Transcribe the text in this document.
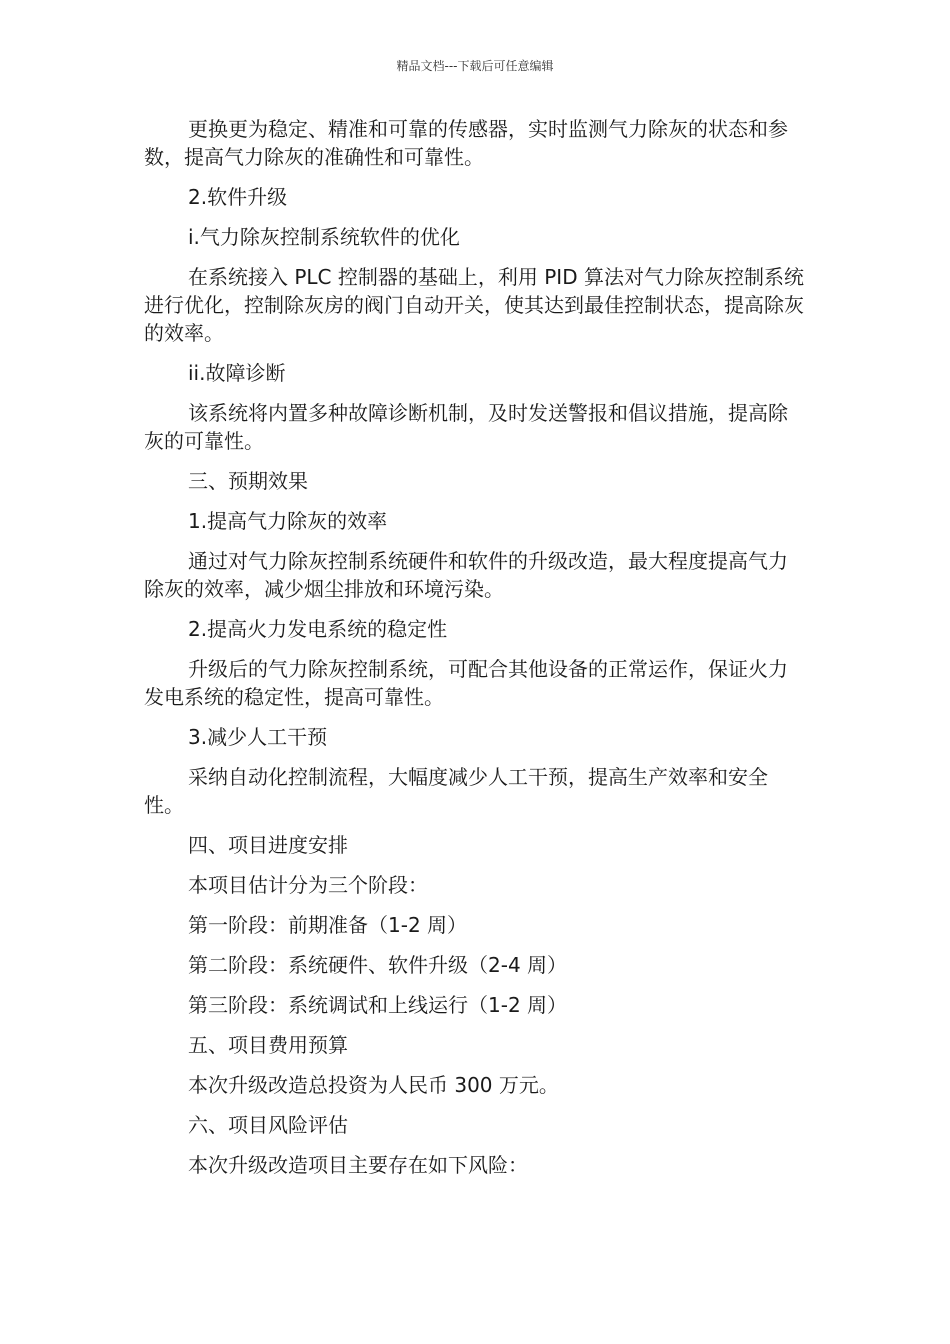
精品文档---下载后可任意编辑

更换更为稳定、精准和可靠的传感器，实时监测气力除灰的状态和参数，提高气力除灰的准确性和可靠性。

2.软件升级

i.气力除灰控制系统软件的优化

在系统接入 PLC 控制器的基础上，利用 PID 算法对气力除灰控制系统进行优化，控制除灰房的阀门自动开关，使其达到最佳控制状态，提高除灰的效率。

ii.故障诊断

该系统将内置多种故障诊断机制，及时发送警报和倡议措施，提高除灰的可靠性。

三、预期效果

1.提高气力除灰的效率

通过对气力除灰控制系统硬件和软件的升级改造，最大程度提高气力除灰的效率，减少烟尘排放和环境污染。

2.提高火力发电系统的稳定性

升级后的气力除灰控制系统，可配合其他设备的正常运作，保证火力发电系统的稳定性，提高可靠性。

3.减少人工干预

采纳自动化控制流程，大幅度减少人工干预，提高生产效率和安全性。

四、项目进度安排

本项目估计分为三个阶段：

第一阶段：前期准备（1-2 周）

第二阶段：系统硬件、软件升级（2-4 周）

第三阶段：系统调试和上线运行（1-2 周）

五、项目费用预算

本次升级改造总投资为人民币 300 万元。

六、项目风险评估

本次升级改造项目主要存在如下风险：
